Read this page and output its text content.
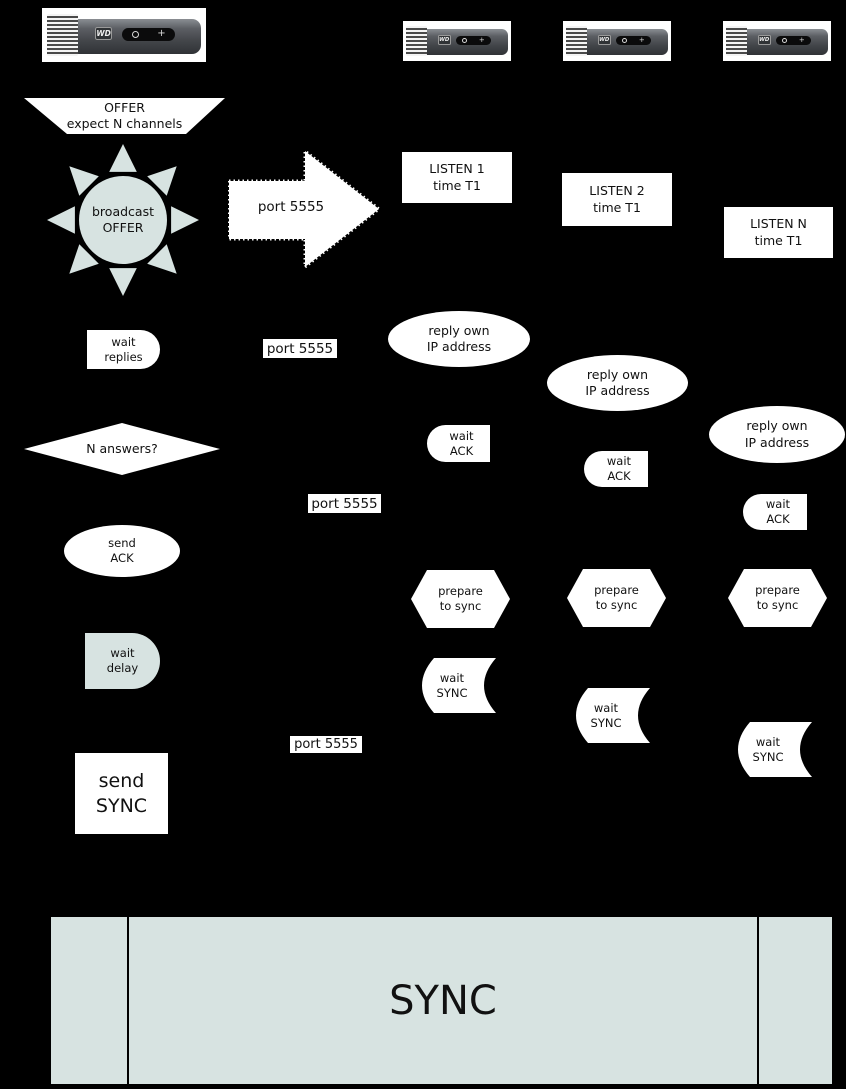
WD	+
WD	+	WD	+	WD	+
OFFER
expect N channels
broadcast
OFFER
port 5555
wait
replies	port 5555
port 5555
port 5555
N answers?
send
ACK
wait
delay
send
SYNC
LISTEN 1
time T1
reply own
IP address
wait
ACK
prepare
to sync
wait
SYNC
LISTEN 2
time T1
reply own
IP address
wait
ACK
prepare
to sync
wait
SYNC
LISTEN N
time T1
reply own
IP address
wait
ACK
prepare
to sync
wait
SYNC
SYNC
